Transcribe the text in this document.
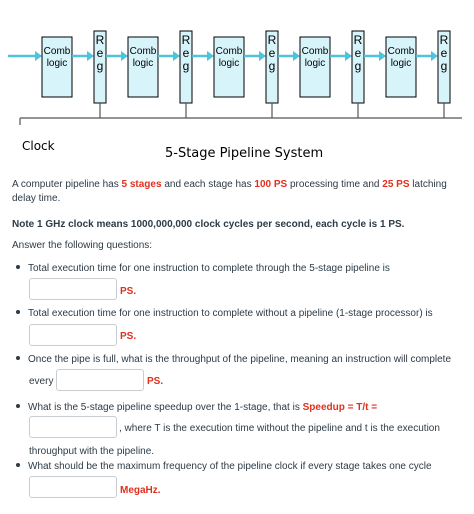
Comb
logic
R
e
g
Comb
logic
R
e
g
Comb
logic
R
e
g
Comb
logic
R
e
g
Comb
logic
R
e
g
Clock	5-Stage Pipeline System

A computer pipeline has 5 stages and each stage has 100 PS processing time and 25 PS latching
delay time.

Note 1 GHz clock means 1000,000,000 clock cycles per second, each cycle is 1 PS.

Answer the following questions:

Total execution time for one instruction to complete through the 5-stage pipeline is
PS.
Total execution time for one instruction to complete without a pipeline (1-stage processor) is
PS.
Once the pipe is full, what is the throughput of the pipeline, meaning an instruction will complete
every	PS.
What is the 5-stage pipeline speedup over the 1-stage, that is Speedup = T/t =
, where T is the execution time without the pipeline and t is the execution
throughput with the pipeline.
What should be the maximum frequency of the pipeline clock if every stage takes one cycle
MegaHz.
